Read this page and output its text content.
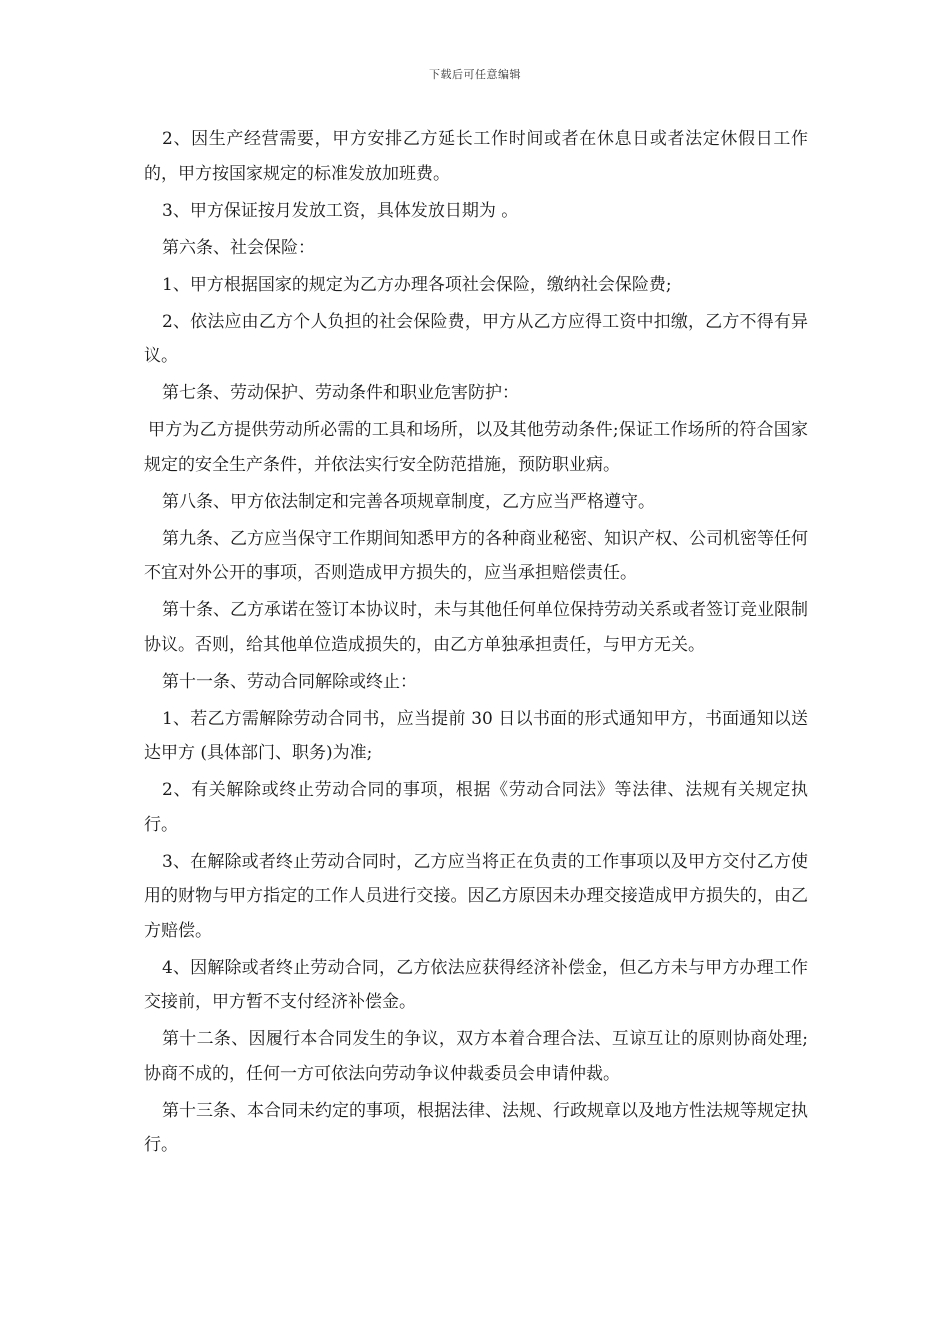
下载后可任意编辑

2、因生产经营需要，甲方安排乙方延长工作时间或者在休息日或者法定休假日工作的，甲方按国家规定的标准发放加班费。

3、甲方保证按月发放工资，具体发放日期为 。

第六条、社会保险：

1、甲方根据国家的规定为乙方办理各项社会保险，缴纳社会保险费;

2、依法应由乙方个人负担的社会保险费，甲方从乙方应得工资中扣缴，乙方不得有异议。

第七条、劳动保护、劳动条件和职业危害防护：

甲方为乙方提供劳动所必需的工具和场所，以及其他劳动条件;保证工作场所的符合国家规定的安全生产条件，并依法实行安全防范措施，预防职业病。

第八条、甲方依法制定和完善各项规章制度，乙方应当严格遵守。

第九条、乙方应当保守工作期间知悉甲方的各种商业秘密、知识产权、公司机密等任何不宜对外公开的事项，否则造成甲方损失的，应当承担赔偿责任。

第十条、乙方承诺在签订本协议时，未与其他任何单位保持劳动关系或者签订竞业限制协议。否则，给其他单位造成损失的，由乙方单独承担责任，与甲方无关。

第十一条、劳动合同解除或终止：

1、若乙方需解除劳动合同书，应当提前 30 日以书面的形式通知甲方，书面通知以送达甲方 (具体部门、职务)为准;

2、有关解除或终止劳动合同的事项，根据《劳动合同法》等法律、法规有关规定执行。

3、在解除或者终止劳动合同时，乙方应当将正在负责的工作事项以及甲方交付乙方使用的财物与甲方指定的工作人员进行交接。因乙方原因未办理交接造成甲方损失的，由乙方赔偿。

4、因解除或者终止劳动合同，乙方依法应获得经济补偿金，但乙方未与甲方办理工作交接前，甲方暂不支付经济补偿金。

第十二条、因履行本合同发生的争议，双方本着合理合法、互谅互让的原则协商处理;协商不成的，任何一方可依法向劳动争议仲裁委员会申请仲裁。

第十三条、本合同未约定的事项，根据法律、法规、行政规章以及地方性法规等规定执行。
